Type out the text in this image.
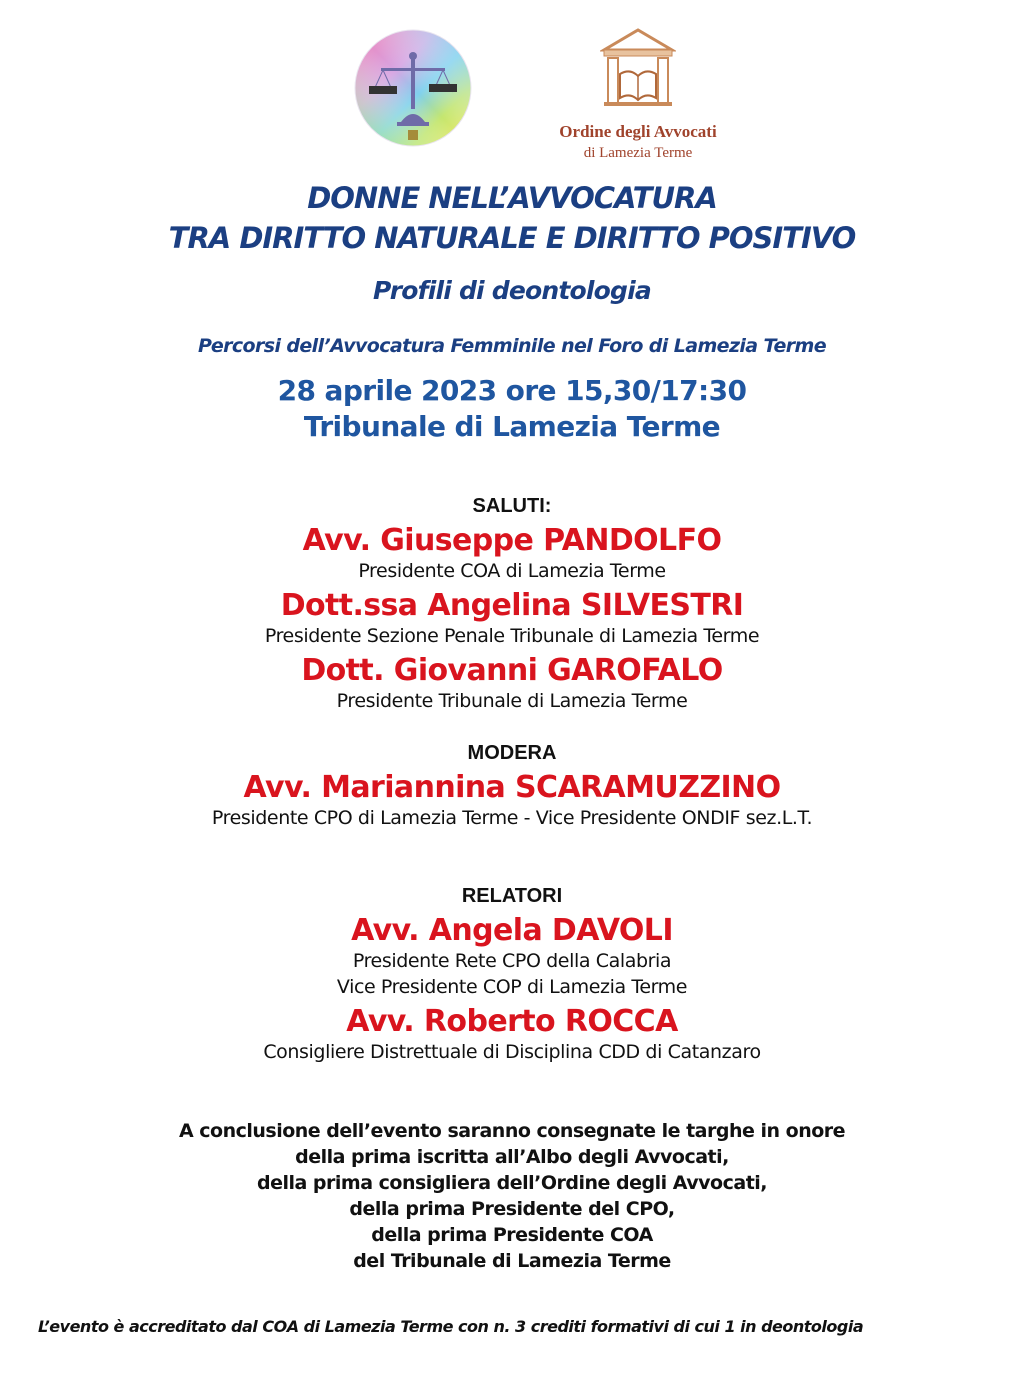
Ordine degli Avvocati
di Lamezia Terme
DONNE NELL’AVVOCATURA
TRA DIRITTO NATURALE E DIRITTO POSITIVO
Profili di deontologia
Percorsi dell’Avvocatura Femminile nel Foro di Lamezia Terme
28 aprile 2023 ore 15,30/17:30
Tribunale di Lamezia Terme
SALUTI:
Avv. Giuseppe PANDOLFO
Presidente COA di Lamezia Terme
Dott.ssa Angelina SILVESTRI
Presidente Sezione Penale Tribunale di Lamezia Terme
Dott. Giovanni GAROFALO
Presidente Tribunale di Lamezia Terme
MODERA
Avv. Mariannina SCARAMUZZINO
Presidente CPO di Lamezia Terme - Vice Presidente ONDIF sez.L.T.
RELATORI
Avv. Angela DAVOLI
Presidente Rete CPO della Calabria
Vice Presidente COP di Lamezia Terme
Avv. Roberto ROCCA
Consigliere Distrettuale di Disciplina CDD di Catanzaro
A conclusione dell’evento saranno consegnate le targhe in onore
della prima iscritta all’Albo degli Avvocati,
della prima consigliera dell’Ordine degli Avvocati,
della prima Presidente del CPO,
della prima Presidente COA
del Tribunale di Lamezia Terme
L’evento è accreditato dal COA di Lamezia Terme con n. 3 crediti formativi di cui 1 in deontologia
